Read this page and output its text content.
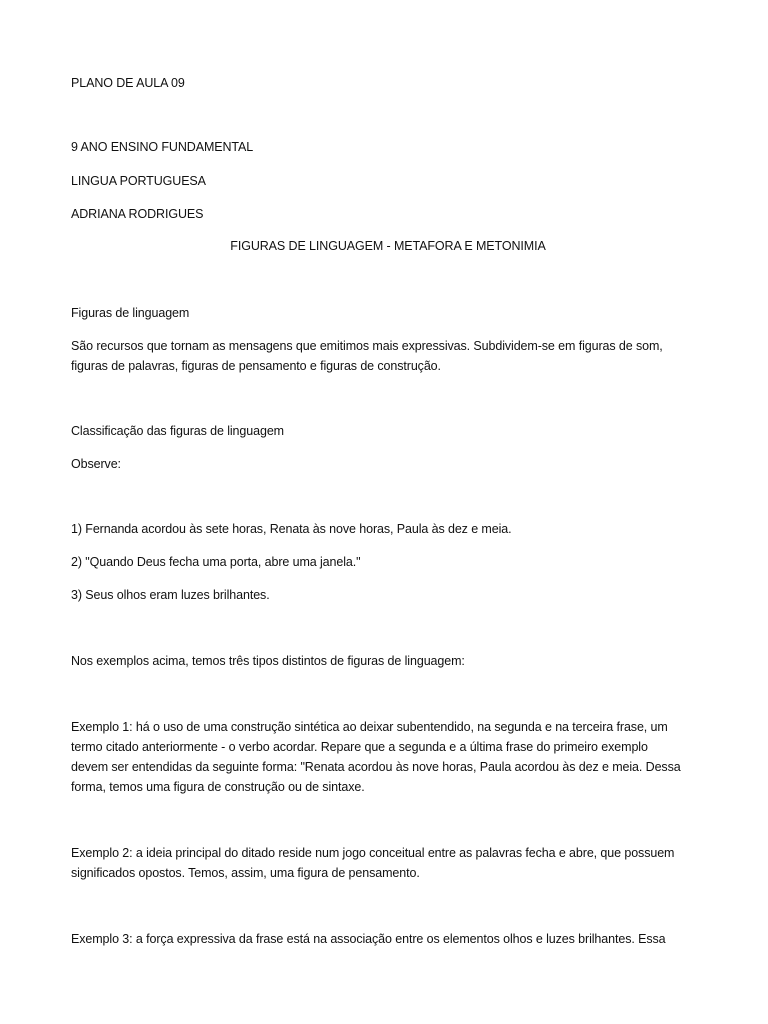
PLANO DE AULA 09
9 ANO ENSINO FUNDAMENTAL
LINGUA PORTUGUESA
ADRIANA RODRIGUES
FIGURAS DE LINGUAGEM - METAFORA E METONIMIA
Figuras de linguagem
São recursos que tornam as mensagens que emitimos mais expressivas. Subdividem-se em figuras de som,
figuras de palavras, figuras de pensamento e figuras de construção.
Classificação das figuras de linguagem
Observe:
1) Fernanda acordou às sete horas, Renata às nove horas, Paula às dez e meia.
2) "Quando Deus fecha uma porta, abre uma janela."
3) Seus olhos eram luzes brilhantes.
Nos exemplos acima, temos três tipos distintos de figuras de linguagem:
Exemplo 1: há o uso de uma construção sintética ao deixar subentendido, na segunda e na terceira frase, um
termo citado anteriormente - o verbo acordar. Repare que a segunda e a última frase do primeiro exemplo
devem ser entendidas da seguinte forma: "Renata acordou às nove horas, Paula acordou às dez e meia. Dessa
forma, temos uma figura de construção ou de sintaxe.
Exemplo 2: a ideia principal do ditado reside num jogo conceitual entre as palavras fecha e abre, que possuem
significados opostos. Temos, assim, uma figura de pensamento.
Exemplo 3: a força expressiva da frase está na associação entre os elementos olhos e luzes brilhantes. Essa
